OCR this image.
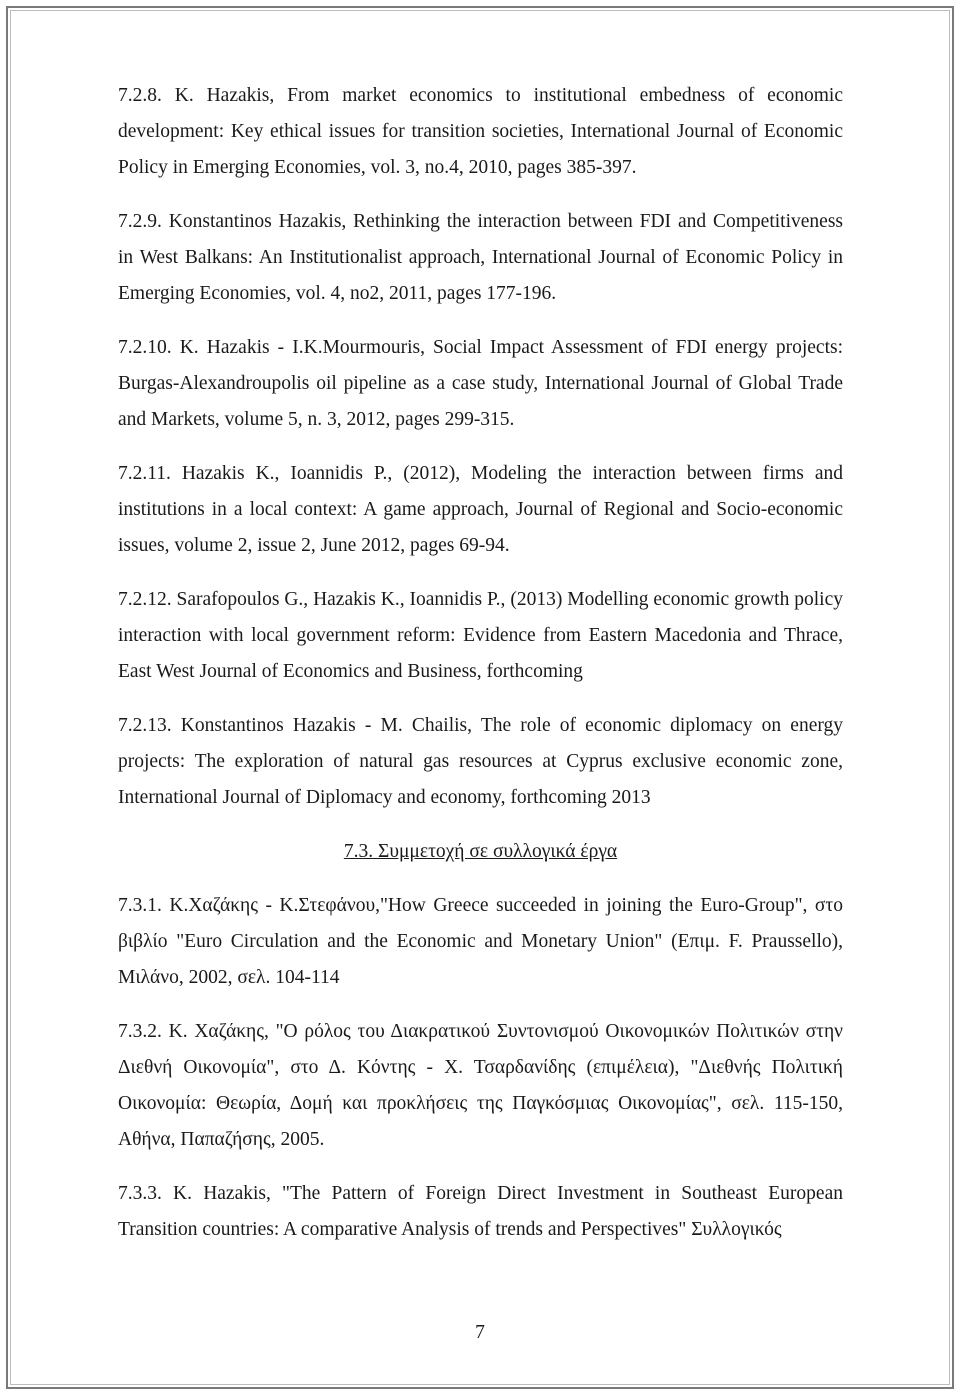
7.2.8. K. Hazakis, From market economics to institutional embedness of economic development: Key ethical issues for transition societies, International Journal of Economic Policy in Emerging Economies, vol. 3, no.4, 2010, pages 385-397.

7.2.9. Konstantinos Hazakis, Rethinking the interaction between FDI and Competitiveness in West Balkans: An Institutionalist approach, International Journal of Economic Policy in Emerging Economies, vol. 4, no2, 2011, pages 177-196.

7.2.10. K. Hazakis - I.K.Mourmouris, Social Impact Assessment of FDI energy projects: Burgas-Alexandroupolis oil pipeline as a case study, International Journal of Global Trade and Markets, volume 5, n. 3, 2012, pages 299-315.

7.2.11. Hazakis K., Ioannidis P., (2012), Modeling the interaction between firms and institutions in a local context: A game approach, Journal of Regional and Socio-economic issues, volume 2, issue 2, June 2012, pages 69-94.

7.2.12. Sarafopoulos G., Hazakis K., Ioannidis P., (2013) Modelling economic growth policy interaction with local government reform: Evidence from Eastern Macedonia and Thrace, East West Journal of Economics and Business, forthcoming

7.2.13. Konstantinos Hazakis - M. Chailis, The role of economic diplomacy on energy projects: The exploration of natural gas resources at Cyprus exclusive economic zone, International Journal of Diplomacy and economy, forthcoming 2013

7.3. Συμμετοχή σε συλλογικά έργα

7.3.1. Κ.Χαζάκης - Κ.Στεφάνου,"How Greece succeeded in joining the Euro-Group", στο βιβλίο "Euro Circulation and the Economic and Monetary Union" (Επιμ. F. Praussello), Μιλάνο, 2002, σελ. 104-114

7.3.2. Κ. Χαζάκης, "Ο ρόλος του Διακρατικού Συντονισμού Οικονομικών Πολιτικών στην Διεθνή Οικονομία", στο Δ. Κόντης - Χ. Τσαρδανίδης (επιμέλεια), "Διεθνής Πολιτική Οικονομία: Θεωρία, Δομή και προκλήσεις της Παγκόσμιας Οικονομίας", σελ. 115-150, Αθήνα, Παπαζήσης, 2005.

7.3.3. K. Hazakis, "The Pattern of Foreign Direct Investment in Southeast European Transition countries: A comparative Analysis of trends and Perspectives" Συλλογικός

7
